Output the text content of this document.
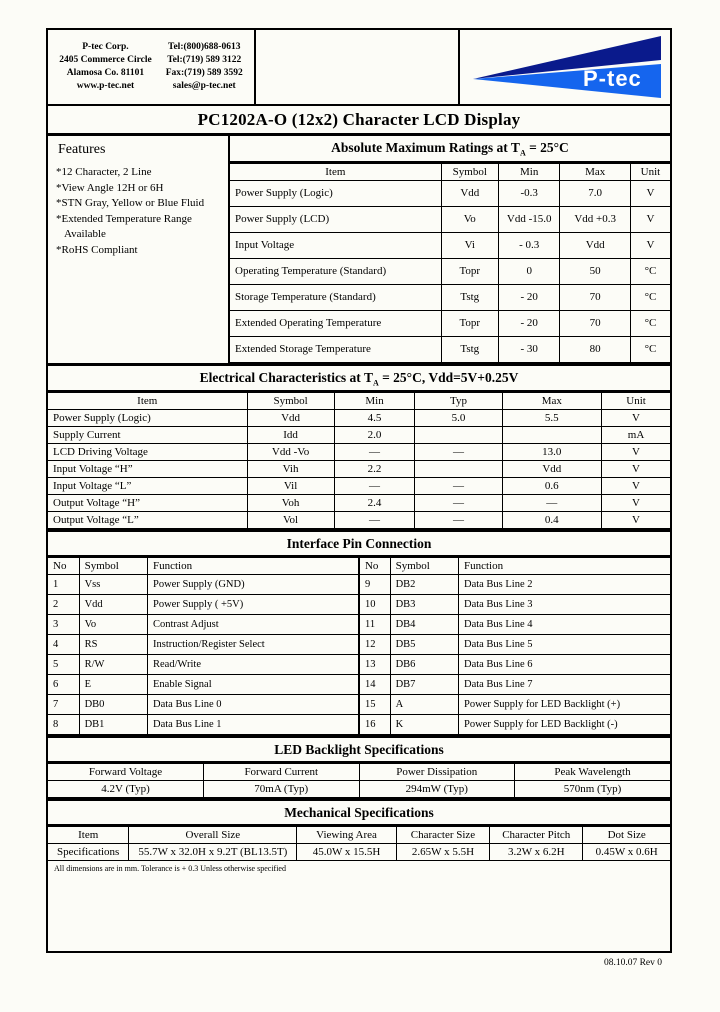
P-tec Corp.
2405 Commerce Circle
Alamosa Co. 81101
www.p-tec.net
Tel:(800)688-0613
Tel:(719) 589 3122
Fax:(719) 589 3592
sales@p-tec.net	P-tec
PC1202A-O (12x2) Character LCD Display
Features
*12 Character, 2 Line
*View Angle 12H or 6H
*STN Gray, Yellow or Blue Fluid
*Extended Temperature Range
Available
*RoHS Compliant
Absolute Maximum Ratings at $T_A = 25^\circ C$
Item	Symbol	Min	Max	Unit
Power Supply (Logic)	Vdd	-0.3	7.0	V
Power Supply (LCD)	Vo	Vdd -15.0	Vdd +0.3	V
Input Voltage	Vi	- 0.3	Vdd	V
Operating Temperature (Standard)	Topr	0	50	°C
Storage Temperature (Standard)	Tstg	- 20	70	°C
Extended Operating Temperature	Topr	- 20	70	°C
Extended Storage Temperature	Tstg	- 30	80	°C
Electrical Characteristics at $T_A = 25^\circ C$, Vdd=5V+0.25V
Item	Symbol	Min	Typ	Max	Unit
Power Supply (Logic)	Vdd	4.5	5.0	5.5	V
Supply Current	Idd	2.0			mA
LCD Driving Voltage	Vdd -Vo	—	—	13.0	V
Input Voltage “H”	Vih	2.2		Vdd	V
Input Voltage “L”	Vil	—	—	0.6	V
Output Voltage “H”	Voh	2.4	—	—	V
Output Voltage “L”	Vol	—	—	0.4	V
Interface Pin Connection
No	Symbol	Function	No	Symbol	Function
1	Vss	Power Supply (GND)	9	DB2	Data Bus Line 2
2	Vdd	Power Supply ( +5V)	10	DB3	Data Bus Line 3
3	Vo	Contrast Adjust	11	DB4	Data Bus Line 4
4	RS	Instruction/Register Select	12	DB5	Data Bus Line 5
5	R/W	Read/Write	13	DB6	Data Bus Line 6
6	E	Enable Signal	14	DB7	Data Bus Line 7
7	DB0	Data Bus Line 0	15	A	Power Supply for LED Backlight (+)
8	DB1	Data Bus Line 1	16	K	Power Supply for LED Backlight (-)
LED Backlight Specifications
Forward Voltage	Forward Current	Power Dissipation	Peak Wavelength
4.2V (Typ)	70mA (Typ)	294mW (Typ)	570nm (Typ)
Mechanical Specifications
Item	Overall Size	Viewing Area	Character Size	Character Pitch	Dot Size
Specifications	55.7W x 32.0H x 9.2T (BL13.5T)	45.0W x 15.5H	2.65W x 5.5H	3.2W x 6.2H	0.45W x 0.6H
All dimensions are in mm. Tolerance is + 0.3 Unless otherwise specified
08.10.07 Rev 0
